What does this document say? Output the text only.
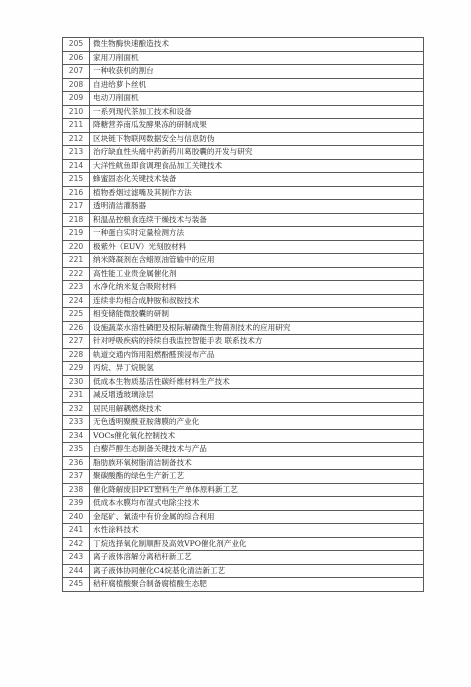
205	微生物酶快速酿造技术
206	家用刀削面机
207	一种收获机的割台
208	自进给萝卜丝机
209	电动刀削面机
210	一系列现代茶加工技术和设备
211	降糖营养南瓜发酵果冻的研制成果
212	区块链下物联网数据安全与信息防伪
213	治疗缺血性头痛中药新药川葛胶囊的开发与研究
214	大洋性鱿鱼即食调理食品加工关键技术
215	蜂蜜固态化关键技术装备
216	植物香烟过滤嘴及其制作方法
217	透明清洁灌肠器
218	积温品控粮食连续干燥技术与装备
219	一种蛋白实时定量检测方法
220	极紫外（EUV）光刻胶材料
221	纳米降凝剂在含蜡原油管输中的应用
222	高性能工业贵金属催化剂
223	水净化纳米复合吸附材料
224	连续非均相合成肿胺和叔胺技术
225	相变储能微胶囊的研制
226	设施蔬菜水溶性磷肥及根际解磷微生物菌剂技术的应用研究
227	针对呼吸疾病的持续自我监控智能手表 联系技术方
228	轨道交通内饰用阻燃酚醛预浸布产品
229	丙烷、异丁烷脱氢
230	低成本生物质基活性碳纤维材料生产技术
231	减反增透玻璃涂层
232	居民用解耦燃烧技术
233	无色透明聚酰亚胺薄膜的产业化
234	VOCs催化氧化控制技术
235	白藜芦醇生态制备关键技术与产品
236	脂肪族环氧树脂清洁制备技术
237	聚碳酸酯的绿色生产新工艺
238	催化降解废旧PET塑料生产单体原料新工艺
239	低成本水膜均布湿式电除尘技术
240	金尾矿、氰渣中有价金属的综合利用
241	水性涂料技术
242	丁烷选择氧化制顺酐及高效VPO催化剂产业化
243	离子液体溶解分离秸秆新工艺
244	离子液体协同催化C4烷基化清洁新工艺
245	秸秆腐植酸聚合制备腐植酸生态肥
